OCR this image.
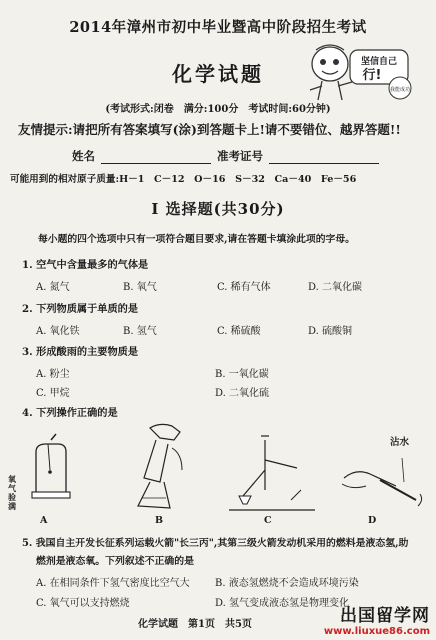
2014年漳州市初中毕业暨高中阶段招生考试
化学试题	坚信自己
行!
我能成功
(考试形式:闭卷　满分:100分　考试时间:60分钟)
友情提示:请把所有答案填写(涂)到答题卡上!请不要错位、越界答题!!
姓名	准考证号
可能用到的相对原子质量:H－1　C－12　O－16　S－32　Ca－40　Fe－56
Ⅰ 选择题(共30分)
每小题的四个选项中只有一项符合题目要求,请在答题卡填涂此项的字母。
1. 空气中含量最多的气体是
A. 氮气	B. 氧气	C. 稀有气体	D. 二氧化碳
2. 下列物质属于单质的是
A. 氧化铁	B. 氢气	C. 稀硫酸	D. 硫酸铜
3. 形成酸雨的主要物质是
A. 粉尘	B. 一氧化碳
C. 甲烷	D. 二氧化硫
4. 下列操作正确的是
氧气验满
A	B	C
沾水
D
5. 我国自主开发长征系列运载火箭"长三丙",其第三级火箭发动机采用的燃料是液态氢,助
燃剂是液态氧。下列叙述不正确的是
A. 在相同条件下氢气密度比空气大	B. 液态氢燃烧不会造成环境污染
C. 氧气可以支持燃烧	D. 氢气变成液态氢是物理变化
化学试题　第1页　共5页	出国留学网
www.liuxue86.com
